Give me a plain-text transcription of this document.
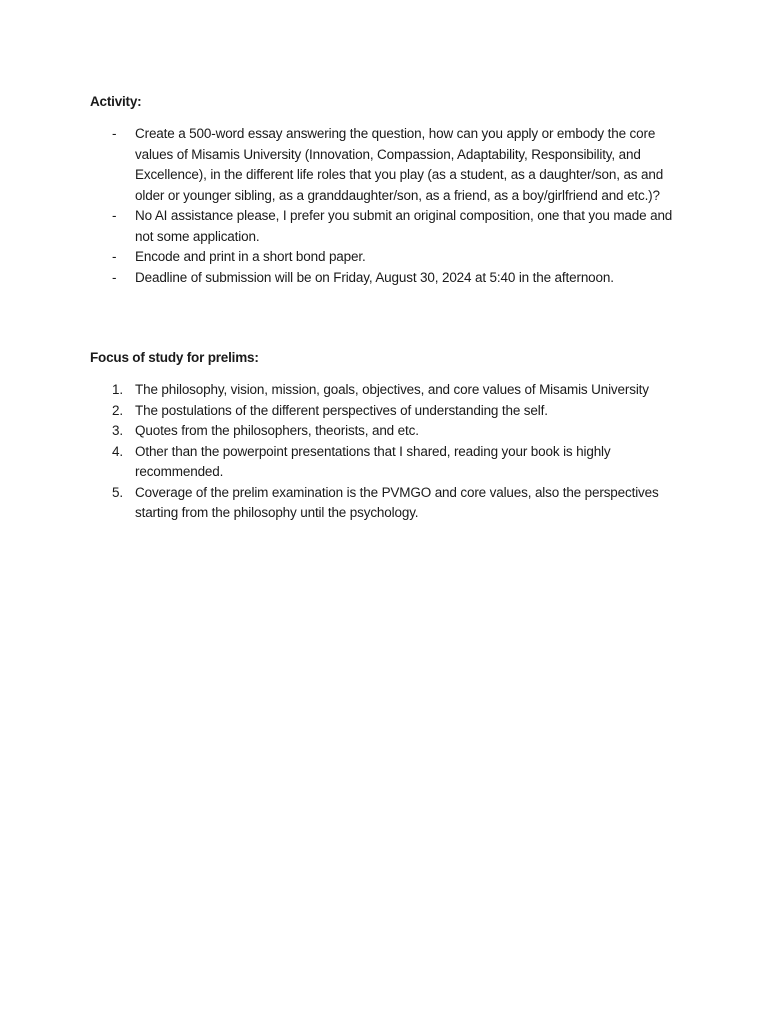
Activity:
- Create a 500-word essay answering the question, how can you apply or embody the core values of Misamis University (Innovation, Compassion, Adaptability, Responsibility, and Excellence), in the different life roles that you play (as a student, as a daughter/son, as and older or younger sibling, as a granddaughter/son, as a friend, as a boy/girlfriend and etc.)?
- No AI assistance please, I prefer you submit an original composition, one that you made and not some application.
- Encode and print in a short bond paper.
- Deadline of submission will be on Friday, August 30, 2024 at 5:40 in the afternoon.
Focus of study for prelims:
1. The philosophy, vision, mission, goals, objectives, and core values of Misamis University
2. The postulations of the different perspectives of understanding the self.
3. Quotes from the philosophers, theorists, and etc.
4. Other than the powerpoint presentations that I shared, reading your book is highly recommended.
5. Coverage of the prelim examination is the PVMGO and core values, also the perspectives starting from the philosophy until the psychology.
